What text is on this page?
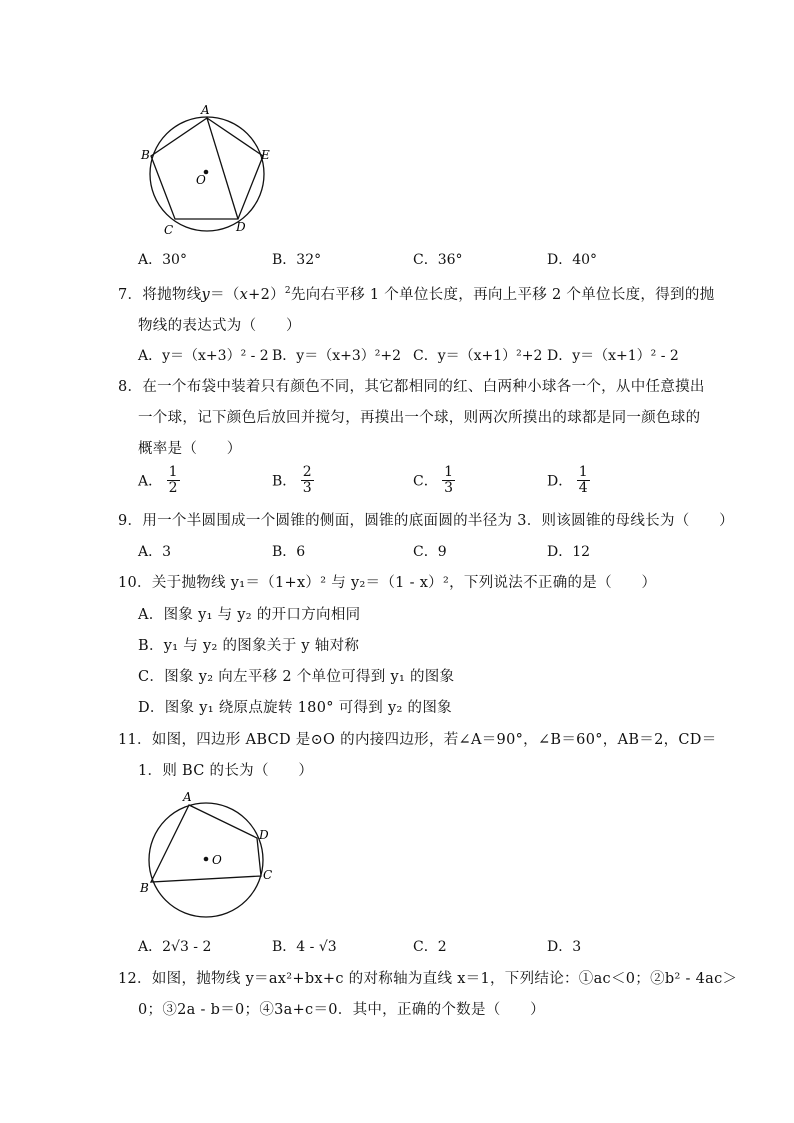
A
B	E
C	D
O
A．30°	B．32°	C．36°	D．40°
7．将抛物线$y=(x+2)^2$先向右平移 1 个单位长度，再向上平移 2 个单位长度，得到的抛
物线的表达式为（　　）
A．y＝（x+3）² - 2 B．y＝（x+3）²+2 C．y＝（x+1）²+2 D．y＝（x+1）² - 2
8．在一个布袋中装着只有颜色不同，其它都相同的红、白两种小球各一个，从中任意摸出
一个球，记下颜色后放回并搅匀，再摸出一个球，则两次所摸出的球都是同一颜色球的
概率是（　　）
A． $\frac{1}{2}$	B． $\frac{2}{3}$	C． $\frac{1}{3}$	D． $\frac{1}{4}$
9．用一个半圆围成一个圆锥的侧面，圆锥的底面圆的半径为 3．则该圆锥的母线长为（　　）
A．3	B．6	C．9	D．12
10．关于抛物线 y₁＝（1+x）² 与 y₂＝（1 - x）²，下列说法不正确的是（　　）
A．图象 y₁ 与 y₂ 的开口方向相同
B．y₁ 与 y₂ 的图象关于 y 轴对称
C．图象 y₂ 向左平移 2 个单位可得到 y₁ 的图象
D．图象 y₁ 绕原点旋转 180° 可得到 y₂ 的图象
11．如图，四边形 ABCD 是⊙O 的内接四边形，若∠A＝90°，∠B＝60°，AB＝2，CD＝
1．则 BC 的长为（　　）
A
D
C
B
O
A．2√3 - 2	B．4 - √3	C．2	D．3
12．如图，抛物线 y＝ax²+bx+c 的对称轴为直线 x＝1，下列结论：①ac＜0；②b² - 4ac＞
0；③2a - b＝0；④3a+c＝0．其中，正确的个数是（　　）
